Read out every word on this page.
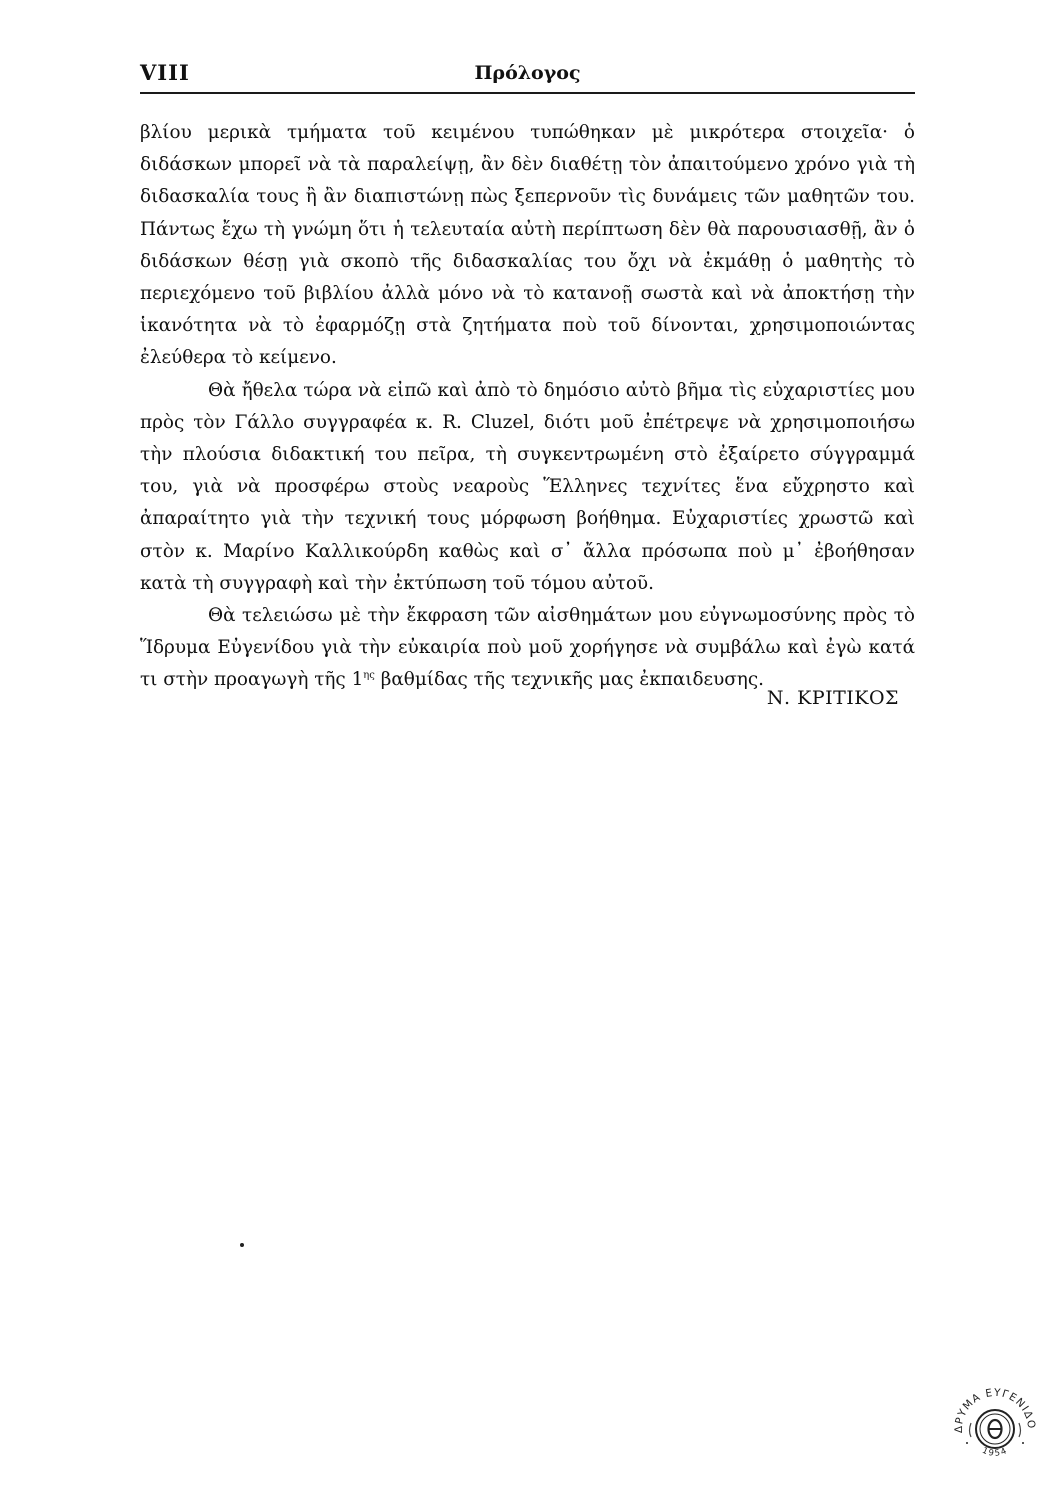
VIII	Πρόλογος

βλίου μερικὰ τμήματα τοῦ κειμένου τυπώθηκαν μὲ μικρότερα στοιχεῖα· ὁ διδάσκων μπορεῖ νὰ τὰ παραλείψῃ, ἂν δὲν διαθέτῃ τὸν ἀπαιτούμενο χρόνο γιὰ τὴ διδασκαλία τους ἢ ἂν διαπιστώνῃ πὼς ξεπερνοῦν τὶς δυνάμεις τῶν μαθητῶν του. Πάντως ἔχω τὴ γνώμη ὅτι ἡ τελευταία αὐτὴ περίπτωση δὲν θὰ παρουσιασθῇ, ἂν ὁ διδάσκων θέσῃ γιὰ σκοπὸ τῆς διδασκαλίας του ὄχι νὰ ἐκμάθῃ ὁ μαθητὴς τὸ περιεχόμενο τοῦ βιβλίου ἀλλὰ μόνο νὰ τὸ κατανοῇ σωστὰ καὶ νὰ ἀποκτήσῃ τὴν ἱκανότητα νὰ τὸ ἐφαρμόζῃ στὰ ζητήματα ποὺ τοῦ δίνονται, χρησιμοποιώντας ἐλεύθερα τὸ κείμενο.

Θὰ ἤθελα τώρα νὰ εἰπῶ καὶ ἀπὸ τὸ δημόσιο αὐτὸ βῆμα τὶς εὐχαριστίες μου πρὸς τὸν Γάλλο συγγραφέα κ. R. Cluzel, διότι μοῦ ἐπέτρεψε νὰ χρησιμοποιήσω τὴν πλούσια διδακτική του πεῖρα, τὴ συγκεντρωμένη στὸ ἐξαίρετο σύγγραμμά του, γιὰ νὰ προσφέρω στοὺς νεαροὺς Ἕλληνες τεχνίτες ἕνα εὔχρηστο καὶ ἀπαραίτητο γιὰ τὴν τεχνική τους μόρφωση βοήθημα. Εὐχαριστίες χρωστῶ καὶ στὸν κ. Μαρίνο Καλλικούρδη καθὼς καὶ σ᾿ ἄλλα πρόσωπα ποὺ μ᾿ ἐβοήθησαν κατὰ τὴ συγγραφὴ καὶ τὴν ἐκτύπωση τοῦ τόμου αὐτοῦ.

Θὰ τελειώσω μὲ τὴν ἔκφραση τῶν αἰσθημάτων μου εὐγνωμοσύνης πρὸς τὸ Ἵδρυμα Εὐγενίδου γιὰ τὴν εὐκαιρία ποὺ μοῦ χορήγησε νὰ συμβάλω καὶ ἐγὼ κατά τι στὴν προαγωγὴ τῆς $1^{\eta\varsigma}$ βαθμίδας τῆς τεχνικῆς μας ἐκπαιδευσης.

Ν. ΚΡΙΤΙΚΟΣ
ΔΡΥΜΑ ΕΥΓΕΝΙΔΟ
1954
